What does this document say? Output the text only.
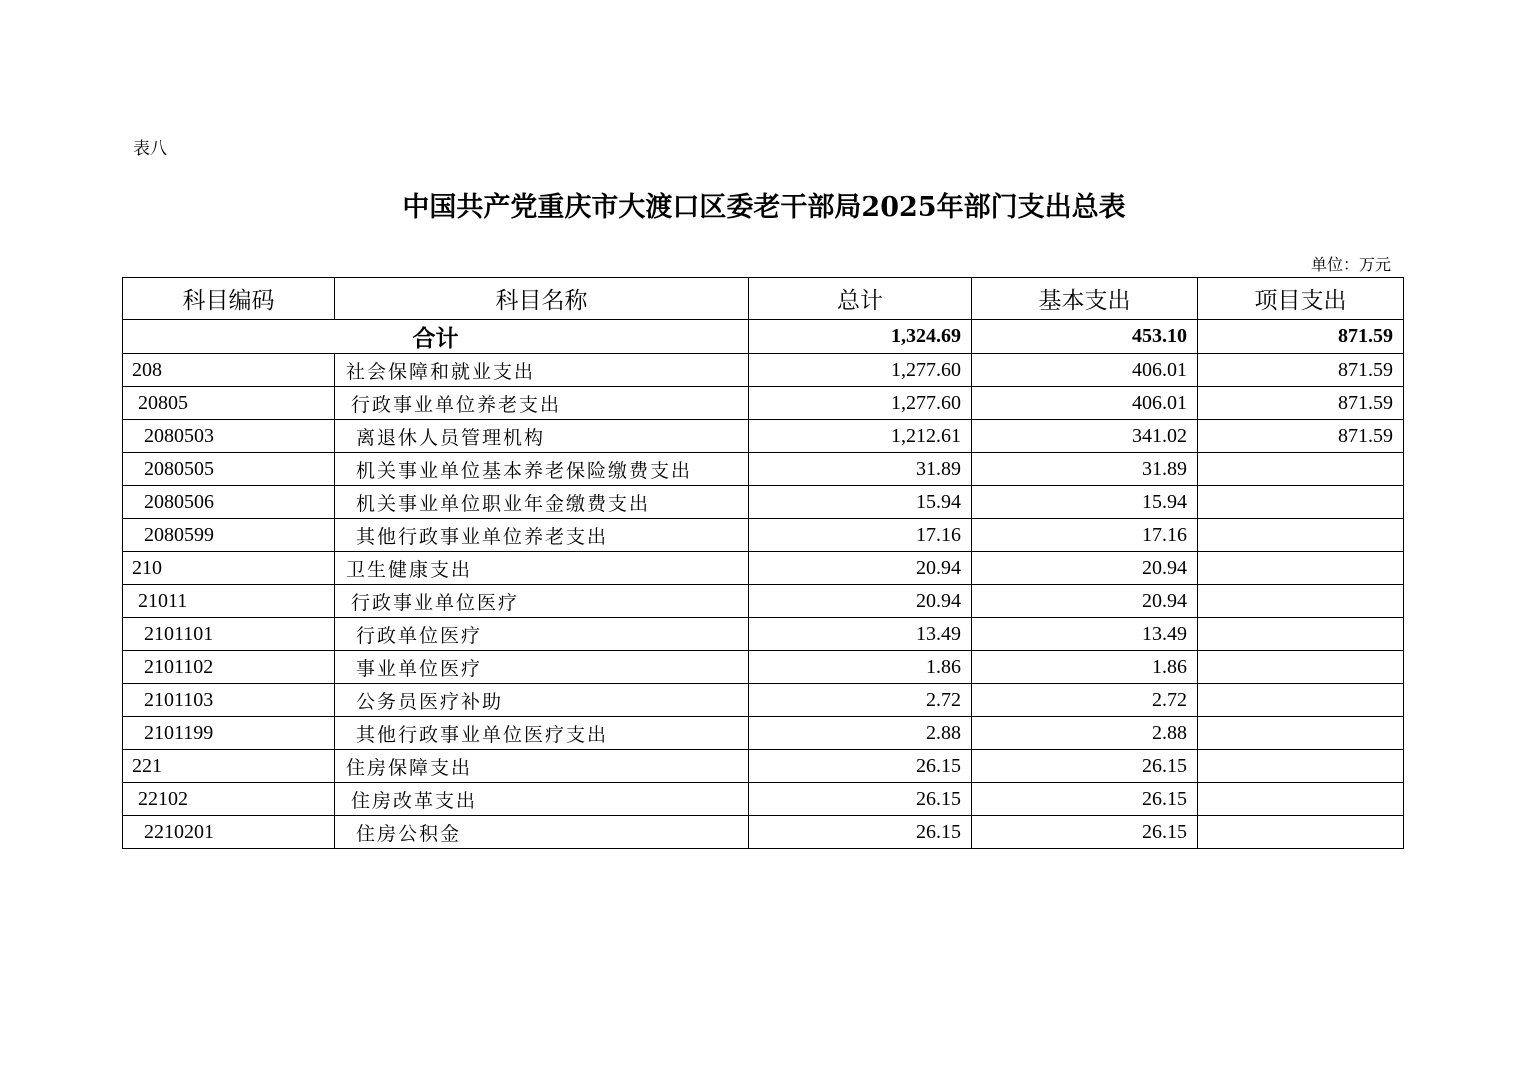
表八
中国共产党重庆市大渡口区委老干部局2025年部门支出总表
单位：万元
科目编码	科目名称	总计	基本支出	项目支出
合计		1,324.69	453.10	871.59
208	社会保障和就业支出	1,277.60	406.01	871.59
20805	行政事业单位养老支出	1,277.60	406.01	871.59
2080503	离退休人员管理机构	1,212.61	341.02	871.59
2080505	机关事业单位基本养老保险缴费支出	31.89	31.89	
2080506	机关事业单位职业年金缴费支出	15.94	15.94	
2080599	其他行政事业单位养老支出	17.16	17.16	
210	卫生健康支出	20.94	20.94	
21011	行政事业单位医疗	20.94	20.94	
2101101	行政单位医疗	13.49	13.49	
2101102	事业单位医疗	1.86	1.86	
2101103	公务员医疗补助	2.72	2.72	
2101199	其他行政事业单位医疗支出	2.88	2.88	
221	住房保障支出	26.15	26.15	
22102	住房改革支出	26.15	26.15	
2210201	住房公积金	26.15	26.15	
